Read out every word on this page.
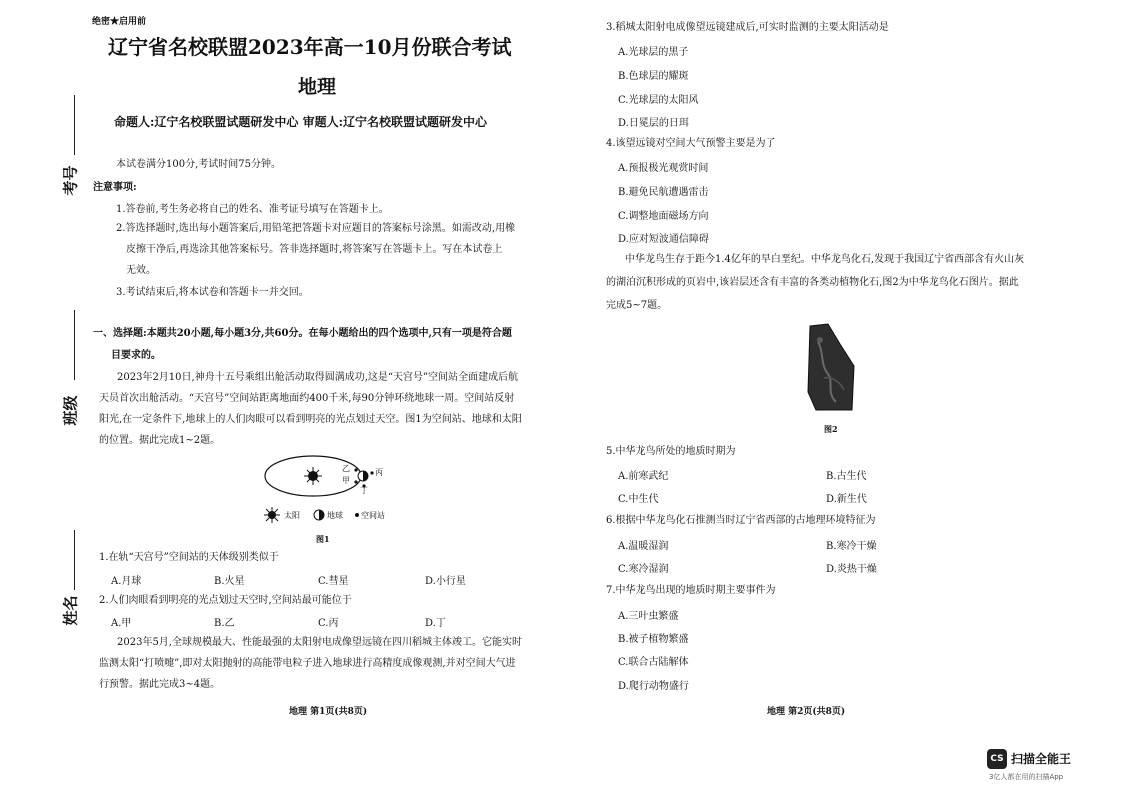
考号
班级
姓名
绝密★启用前
辽宁省名校联盟2023年高一10月份联合考试
地理
命题人:辽宁名校联盟试题研发中心 审题人:辽宁名校联盟试题研发中心
本试卷满分100分,考试时间75分钟。
注意事项:
1.答卷前,考生务必将自己的姓名、准考证号填写在答题卡上。
2.答选择题时,选出每小题答案后,用铅笔把答题卡对应题目的答案标号涂黑。如需改动,用橡
皮擦干净后,再选涂其他答案标号。答非选择题时,将答案写在答题卡上。写在本试卷上
无效。
3.考试结束后,将本试卷和答题卡一并交回。
一、选择题:本题共20小题,每小题3分,共60分。在每小题给出的四个选项中,只有一项是符合题
目要求的。
2023年2月10日,神舟十五号乘组出舱活动取得圆满成功,这是“天宫号”空间站全面建成后航
天员首次出舱活动。“天宫号”空间站距离地面约400千米,每90分钟环绕地球一周。空间站反射
阳光,在一定条件下,地球上的人们肉眼可以看到明亮的光点划过天空。图1为空间站、地球和太阳
的位置。据此完成1~2题。
乙
甲
丙
丁
太阳	地球 空间站
图1
1.在轨“天宫号”空间站的天体级别类似于
A.月球	B.火星	C.彗星	D.小行星
2.人们肉眼看到明亮的光点划过天空时,空间站最可能位于
A.甲	B.乙	C.丙	D.丁
2023年5月,全球规模最大、性能最强的太阳射电成像望远镜在四川稻城主体竣工。它能实时
监测太阳“打喷嚏”,即对太阳抛射的高能带电粒子进入地球进行高精度成像观测,并对空间大气进
行预警。据此完成3~4题。
地理 第1页(共8页)
3.稻城太阳射电成像望远镜建成后,可实时监测的主要太阳活动是
A.光球层的黑子
B.色球层的耀斑
C.光球层的太阳风
D.日冕层的日珥
4.该望远镜对空间大气预警主要是为了
A.预报极光观赏时间
B.避免民航遭遇雷击
C.调整地面磁场方向
D.应对短波通信障碍
中华龙鸟生存于距今1.4亿年的早白垩纪。中华龙鸟化石,发现于我国辽宁省西部含有火山灰
的湖泊沉积形成的页岩中,该岩层还含有丰富的各类动植物化石,图2为中华龙鸟化石图片。据此
完成5~7题。
图2
5.中华龙鸟所处的地质时期为
A.前寒武纪	B.古生代
C.中生代	D.新生代
6.根据中华龙鸟化石推测当时辽宁省西部的古地理环境特征为
A.温暖湿润	B.寒冷干燥
C.寒冷湿润	D.炎热干燥
7.中华龙鸟出现的地质时期主要事件为
A.三叶虫繁盛
B.被子植物繁盛
C.联合古陆解体
D.爬行动物盛行
地理 第2页(共8页)
CS 扫描全能王
3亿人都在用的扫描App
